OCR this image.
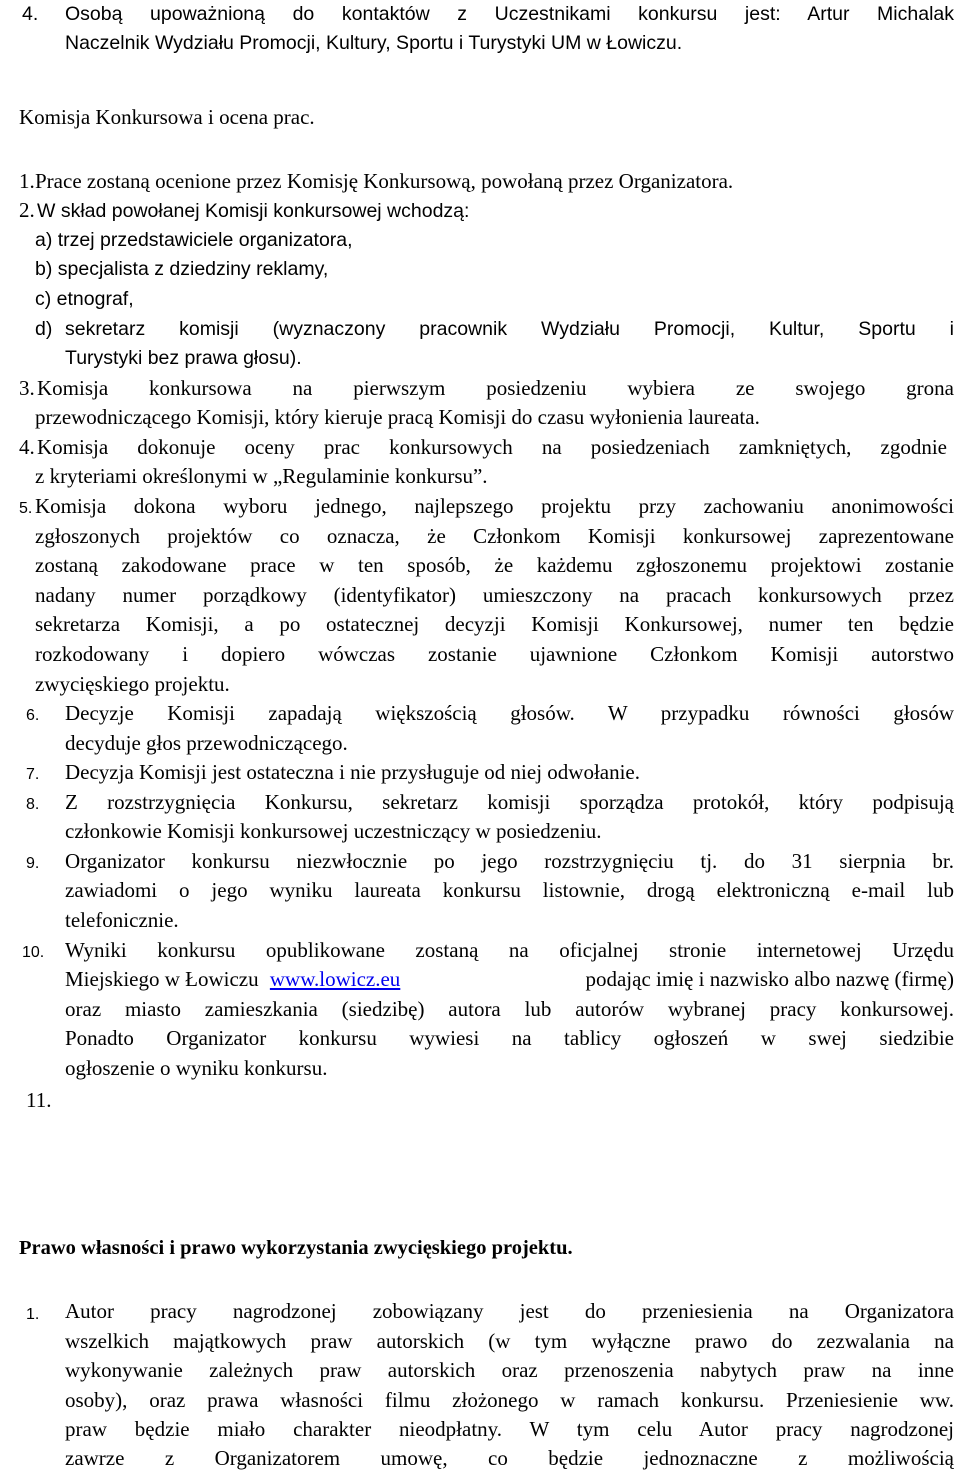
4. Osobą upoważnioną do kontaktów z Uczestnikami konkursu jest: Artur Michalak
Naczelnik Wydziału Promocji, Kultury, Sportu i Turystyki UM w Łowiczu.
Komisja Konkursowa i ocena prac.
1. Prace zostaną ocenione przez Komisję Konkursową, powołaną przez Organizatora.
2. W skład powołanej Komisji konkursowej wchodzą:
a) trzej przedstawiciele organizatora,
b) specjalista z dziedziny reklamy,
c) etnograf,
d) sekretarz komisji (wyznaczony pracownik Wydziału Promocji, Kultur, Sportu i
Turystyki bez prawa głosu).
3. Komisja konkursowa na pierwszym posiedzeniu wybiera ze swojego grona
przewodniczącego Komisji, który kieruje pracą Komisji do czasu wyłonienia laureata.
4. Komisja dokonuje oceny prac konkursowych na posiedzeniach zamkniętych, zgodnie
z kryteriami określonymi w „Regulaminie konkursu”.
5. Komisja dokona wyboru jednego, najlepszego projektu przy zachowaniu anonimowości
zgłoszonych projektów co oznacza, że Członkom Komisji konkursowej zaprezentowane
zostaną zakodowane prace w ten sposób, że każdemu zgłoszonemu projektowi zostanie
nadany numer porządkowy (identyfikator) umieszczony na pracach konkursowych przez
sekretarza Komisji, a po ostatecznej decyzji Komisji Konkursowej, numer ten będzie
rozkodowany i dopiero wówczas zostanie ujawnione Członkom Komisji autorstwo
zwycięskiego projektu.
6. Decyzje Komisji zapadają większością głosów. W przypadku równości głosów
decyduje głos przewodniczącego.
7. Decyzja Komisji jest ostateczna i nie przysługuje od niej odwołanie.
8. Z rozstrzygnięcia Konkursu, sekretarz komisji sporządza protokół, który podpisują
członkowie Komisji konkursowej uczestniczący w posiedzeniu.
9. Organizator konkursu niezwłocznie po jego rozstrzygnięciu tj. do 31 sierpnia br.
zawiadomi o jego wyniku laureata konkursu listownie, drogą elektroniczną e-mail lub
telefonicznie.
10. Wyniki konkursu opublikowane zostaną na oficjalnej stronie internetowej Urzędu
Miejskiego w Łowiczu www.lowicz.eu	podając imię i nazwisko albo nazwę (firmę)
oraz miasto zamieszkania (siedzibę) autora lub autorów wybranej pracy konkursowej.
Ponadto Organizator konkursu wywiesi na tablicy ogłoszeń w swej siedzibie
ogłoszenie o wyniku konkursu.
11.
Prawo własności i prawo wykorzystania zwycięskiego projektu.
1. Autor pracy nagrodzonej zobowiązany jest do przeniesienia na Organizatora
wszelkich majątkowych praw autorskich (w tym wyłączne prawo do zezwalania na
wykonywanie zależnych praw autorskich oraz przenoszenia nabytych praw na inne
osoby), oraz prawa własności filmu złożonego w ramach konkursu. Przeniesienie ww.
praw będzie miało charakter nieodpłatny. W tym celu Autor pracy nagrodzonej
zawrze z Organizatorem umowę, co będzie jednoznaczne z możliwością
